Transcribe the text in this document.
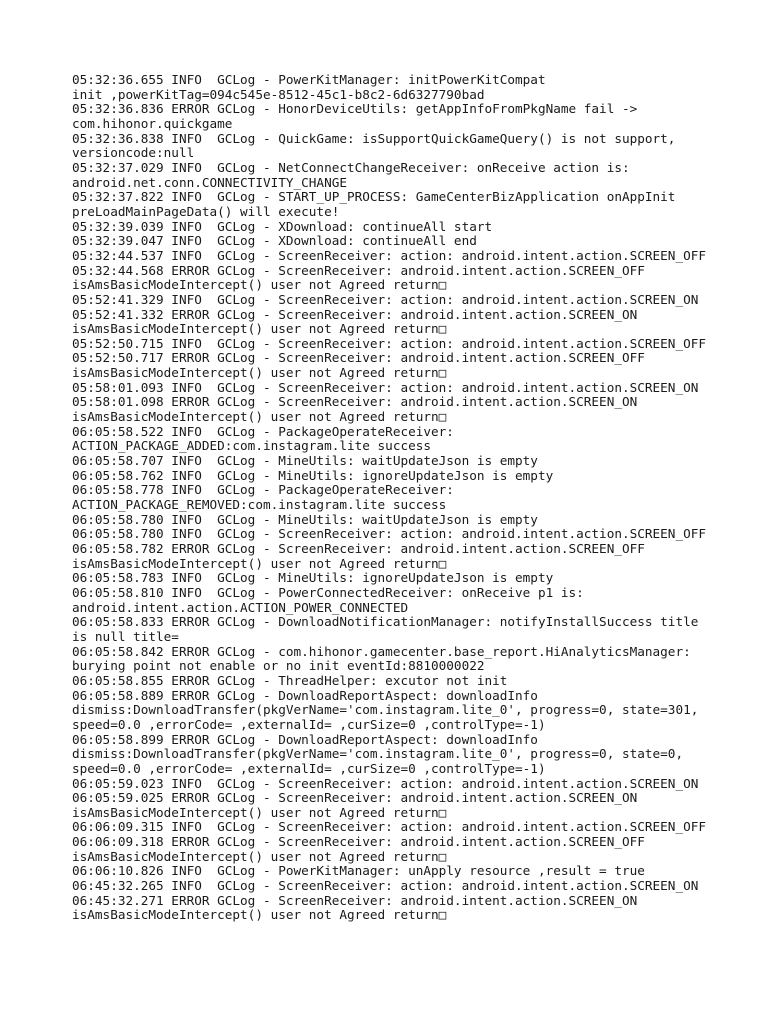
05:32:36.655 INFO  GCLog - PowerKitManager: initPowerKitCompat
init ,powerKitTag=094c545e-8512-45c1-b8c2-6d6327790bad
05:32:36.836 ERROR GCLog - HonorDeviceUtils: getAppInfoFromPkgName fail ->
com.hihonor.quickgame
05:32:36.838 INFO  GCLog - QuickGame: isSupportQuickGameQuery() is not support,
versioncode:null
05:32:37.029 INFO  GCLog - NetConnectChangeReceiver: onReceive action is:
android.net.conn.CONNECTIVITY_CHANGE
05:32:37.822 INFO  GCLog - START_UP_PROCESS: GameCenterBizApplication onAppInit
preLoadMainPageData() will execute!
05:32:39.039 INFO  GCLog - XDownload: continueAll start
05:32:39.047 INFO  GCLog - XDownload: continueAll end
05:32:44.537 INFO  GCLog - ScreenReceiver: action: android.intent.action.SCREEN_OFF
05:32:44.568 ERROR GCLog - ScreenReceiver: android.intent.action.SCREEN_OFF
isAmsBasicModeIntercept() user not Agreed return□
05:52:41.329 INFO  GCLog - ScreenReceiver: action: android.intent.action.SCREEN_ON
05:52:41.332 ERROR GCLog - ScreenReceiver: android.intent.action.SCREEN_ON
isAmsBasicModeIntercept() user not Agreed return□
05:52:50.715 INFO  GCLog - ScreenReceiver: action: android.intent.action.SCREEN_OFF
05:52:50.717 ERROR GCLog - ScreenReceiver: android.intent.action.SCREEN_OFF
isAmsBasicModeIntercept() user not Agreed return□
05:58:01.093 INFO  GCLog - ScreenReceiver: action: android.intent.action.SCREEN_ON
05:58:01.098 ERROR GCLog - ScreenReceiver: android.intent.action.SCREEN_ON
isAmsBasicModeIntercept() user not Agreed return□
06:05:58.522 INFO  GCLog - PackageOperateReceiver:
ACTION_PACKAGE_ADDED:com.instagram.lite success
06:05:58.707 INFO  GCLog - MineUtils: waitUpdateJson is empty
06:05:58.762 INFO  GCLog - MineUtils: ignoreUpdateJson is empty
06:05:58.778 INFO  GCLog - PackageOperateReceiver:
ACTION_PACKAGE_REMOVED:com.instagram.lite success
06:05:58.780 INFO  GCLog - MineUtils: waitUpdateJson is empty
06:05:58.780 INFO  GCLog - ScreenReceiver: action: android.intent.action.SCREEN_OFF
06:05:58.782 ERROR GCLog - ScreenReceiver: android.intent.action.SCREEN_OFF
isAmsBasicModeIntercept() user not Agreed return□
06:05:58.783 INFO  GCLog - MineUtils: ignoreUpdateJson is empty
06:05:58.810 INFO  GCLog - PowerConnectedReceiver: onReceive p1 is:
android.intent.action.ACTION_POWER_CONNECTED
06:05:58.833 ERROR GCLog - DownloadNotificationManager: notifyInstallSuccess title
is null title=
06:05:58.842 ERROR GCLog - com.hihonor.gamecenter.base_report.HiAnalyticsManager:
burying point not enable or no init eventId:8810000022
06:05:58.855 ERROR GCLog - ThreadHelper: excutor not init
06:05:58.889 ERROR GCLog - DownloadReportAspect: downloadInfo
dismiss:DownloadTransfer(pkgVerName='com.instagram.lite_0', progress=0, state=301,
speed=0.0 ,errorCode= ,externalId= ,curSize=0 ,controlType=-1)
06:05:58.899 ERROR GCLog - DownloadReportAspect: downloadInfo
dismiss:DownloadTransfer(pkgVerName='com.instagram.lite_0', progress=0, state=0,
speed=0.0 ,errorCode= ,externalId= ,curSize=0 ,controlType=-1)
06:05:59.023 INFO  GCLog - ScreenReceiver: action: android.intent.action.SCREEN_ON
06:05:59.025 ERROR GCLog - ScreenReceiver: android.intent.action.SCREEN_ON
isAmsBasicModeIntercept() user not Agreed return□
06:06:09.315 INFO  GCLog - ScreenReceiver: action: android.intent.action.SCREEN_OFF
06:06:09.318 ERROR GCLog - ScreenReceiver: android.intent.action.SCREEN_OFF
isAmsBasicModeIntercept() user not Agreed return□
06:06:10.826 INFO  GCLog - PowerKitManager: unApply resource ,result = true
06:45:32.265 INFO  GCLog - ScreenReceiver: action: android.intent.action.SCREEN_ON
06:45:32.271 ERROR GCLog - ScreenReceiver: android.intent.action.SCREEN_ON
isAmsBasicModeIntercept() user not Agreed return□
